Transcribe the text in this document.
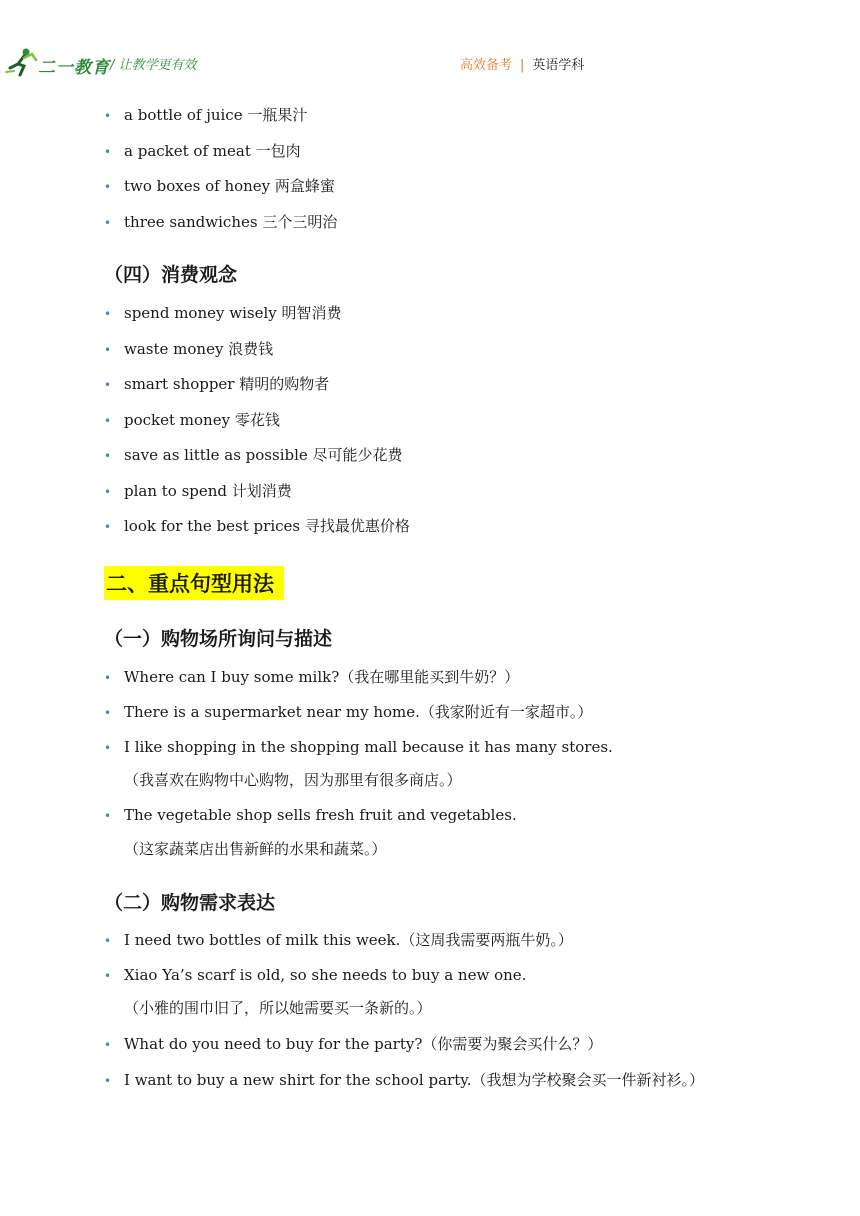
二一教育 / 让教学更有效	高效备考 | 英语学科
• a bottle of juice 一瓶果汁
• a packet of meat 一包肉
• two boxes of honey 两盒蜂蜜
• three sandwiches 三个三明治
（四）消费观念
• spend money wisely 明智消费
• waste money 浪费钱
• smart shopper 精明的购物者
• pocket money 零花钱
• save as little as possible 尽可能少花费
• plan to spend 计划消费
• look for the best prices 寻找最优惠价格
二、重点句型用法
（一）购物场所询问与描述
• Where can I buy some milk?（我在哪里能买到牛奶？）
• There is a supermarket near my home.（我家附近有一家超市。）
• I like shopping in the shopping mall because it has many stores.
（我喜欢在购物中心购物，因为那里有很多商店。）
• The vegetable shop sells fresh fruit and vegetables.
（这家蔬菜店出售新鲜的水果和蔬菜。）
（二）购物需求表达
• I need two bottles of milk this week.（这周我需要两瓶牛奶。）
• Xiao Ya’s scarf is old, so she needs to buy a new one.
（小雅的围巾旧了，所以她需要买一条新的。）
• What do you need to buy for the party?（你需要为聚会买什么？）
• I want to buy a new shirt for the school party.（我想为学校聚会买一件新衬衫。）
